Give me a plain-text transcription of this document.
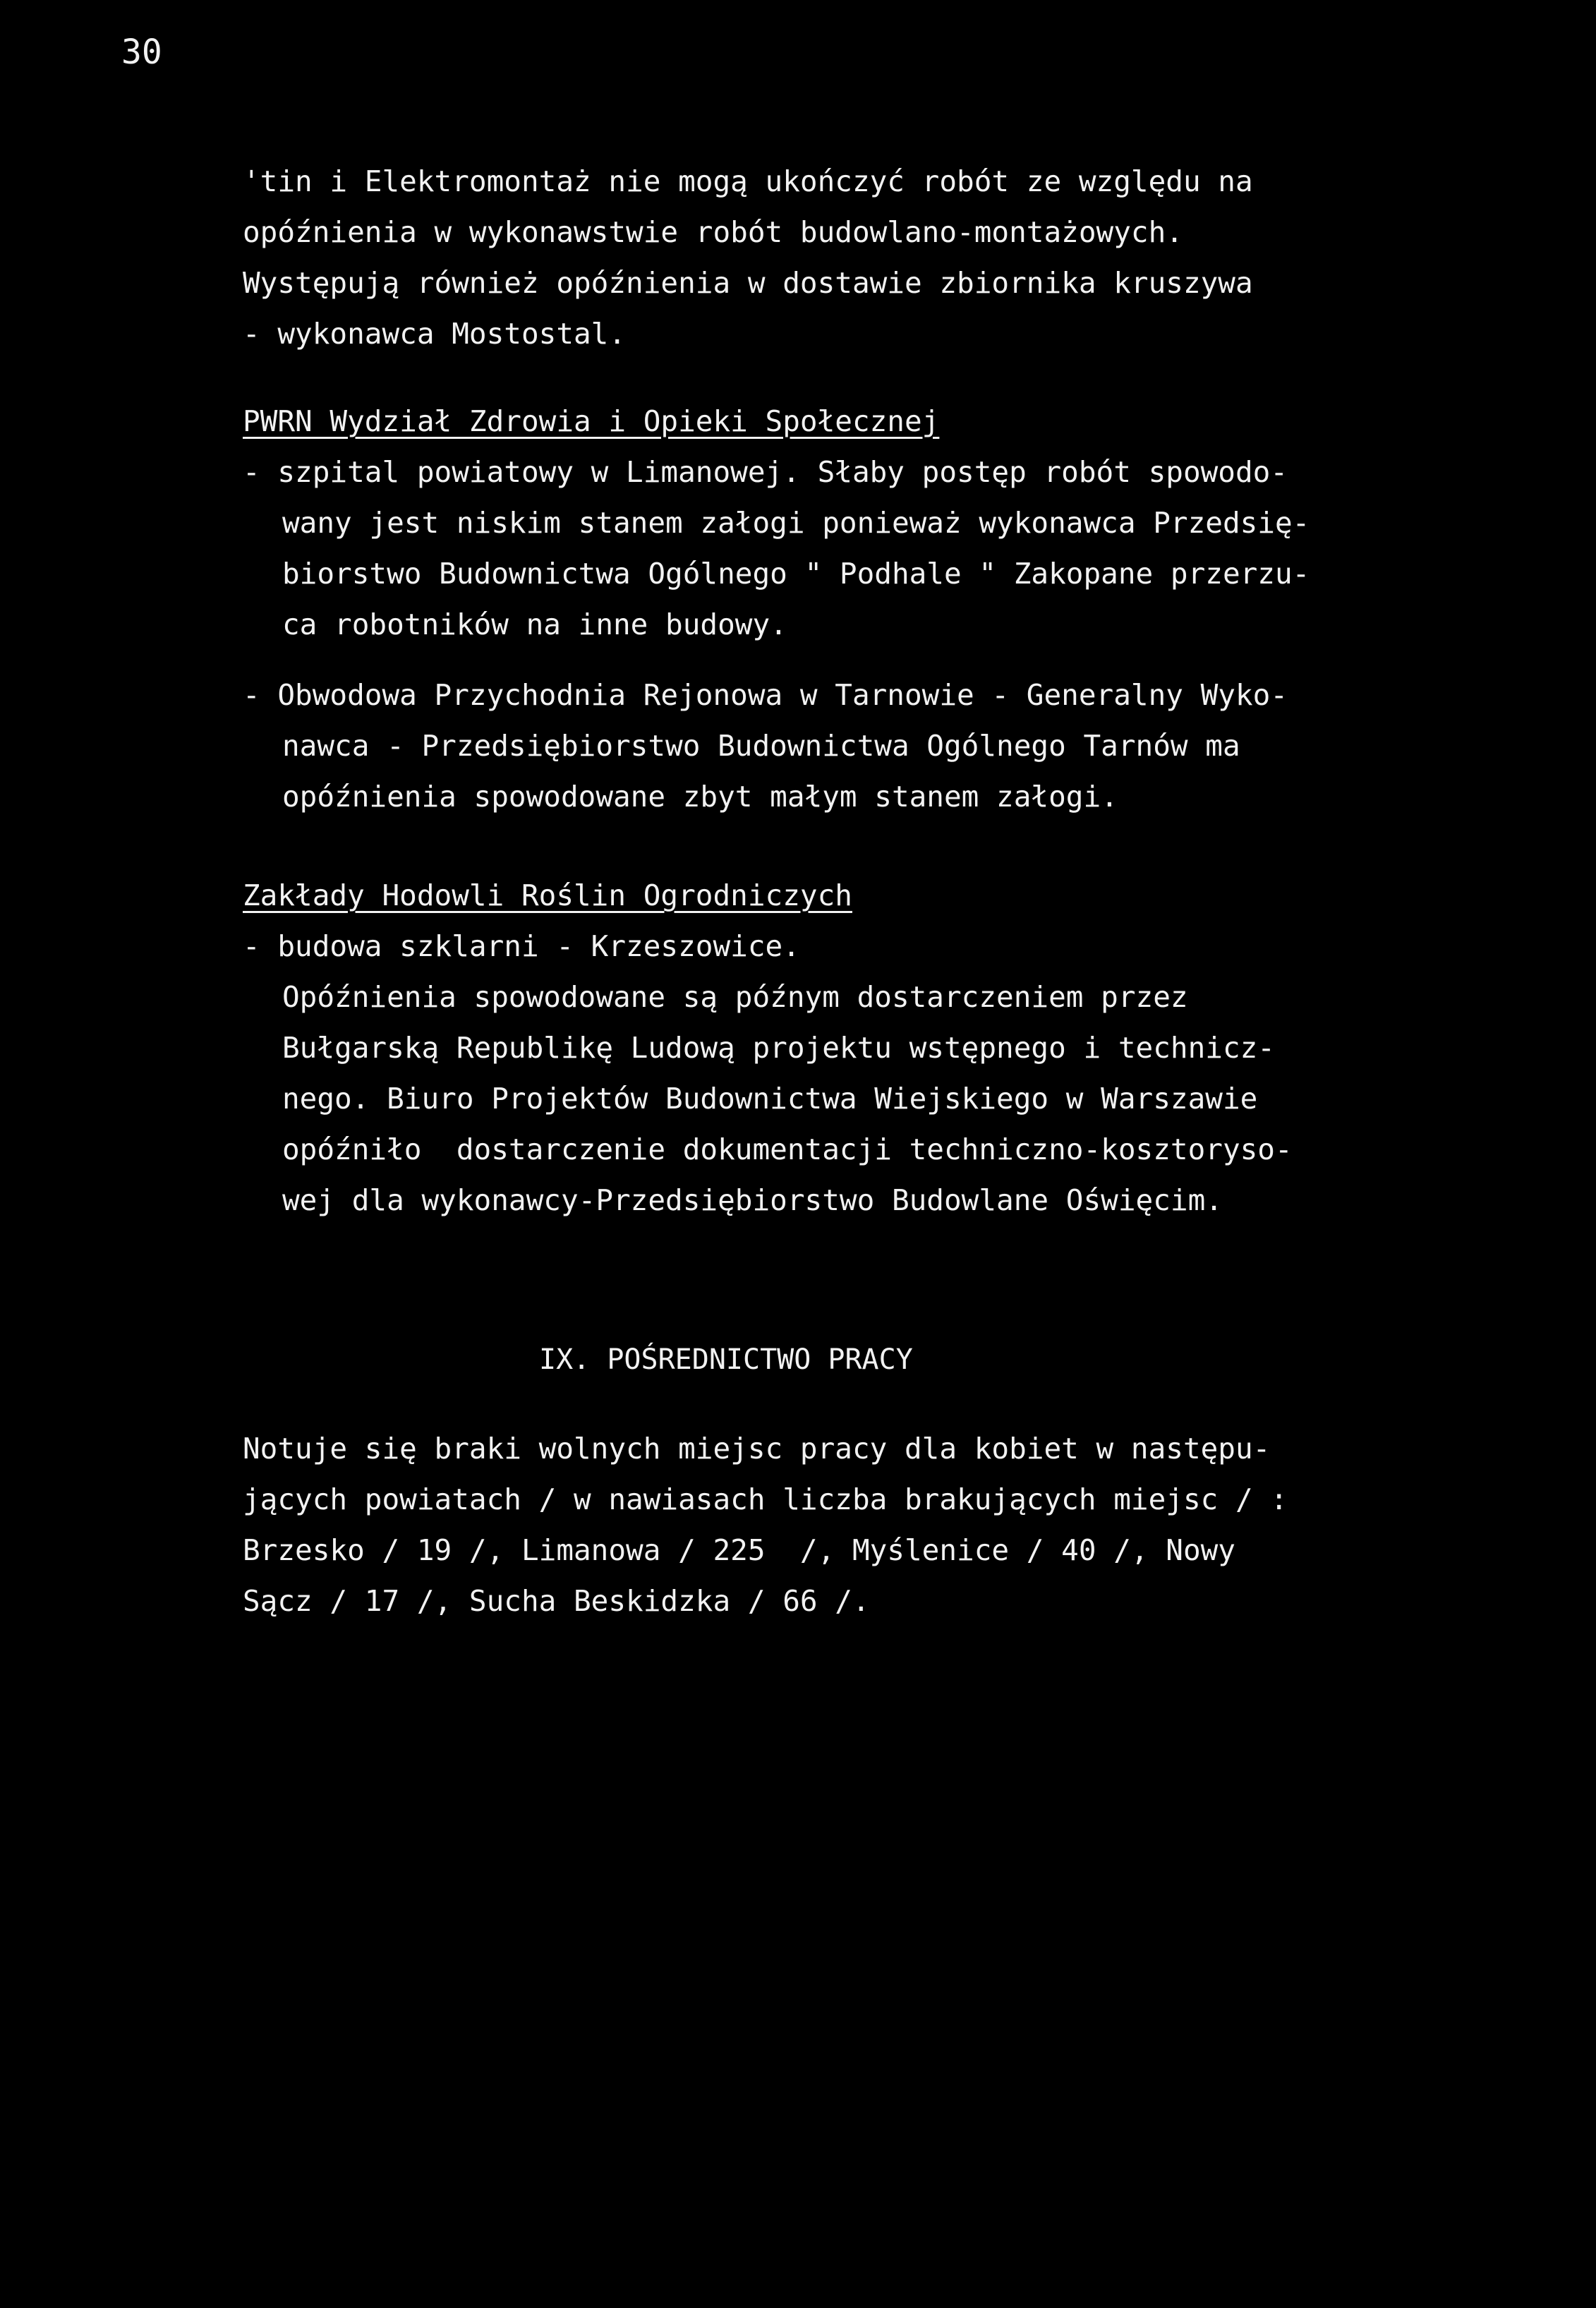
30
'tin i Elektromontaż nie mogą ukończyć robót ze względu na
opóźnienia w wykonawstwie robót budowlano-montażowych.
Występują również opóźnienia w dostawie zbiornika kruszywa
- wykonawca Mostostal.
PWRN Wydział Zdrowia i Opieki Społecznej
- szpital powiatowy w Limanowej. Słaby postęp robót spowodo-
wany jest niskim stanem załogi ponieważ wykonawca Przedsię-
biorstwo Budownictwa Ogólnego " Podhale " Zakopane przerzu-
ca robotników na inne budowy.
- Obwodowa Przychodnia Rejonowa w Tarnowie - Generalny Wyko-
nawca - Przedsiębiorstwo Budownictwa Ogólnego Tarnów ma
opóźnienia spowodowane zbyt małym stanem załogi.
Zakłady Hodowli Roślin Ogrodniczych
- budowa szklarni - Krzeszowice.
Opóźnienia spowodowane są późnym dostarczeniem przez
Bułgarską Republikę Ludową projektu wstępnego i technicz-
nego. Biuro Projektów Budownictwa Wiejskiego w Warszawie
opóźniło  dostarczenie dokumentacji techniczno-kosztoryso-
wej dla wykonawcy-Przedsiębiorstwo Budowlane Oświęcim.
IX. POŚREDNICTWO PRACY
Notuje się braki wolnych miejsc pracy dla kobiet w następu-
jących powiatach / w nawiasach liczba brakujących miejsc / :
Brzesko / 19 /, Limanowa / 225  /, Myślenice / 40 /, Nowy
Sącz / 17 /, Sucha Beskidzka / 66 /.
